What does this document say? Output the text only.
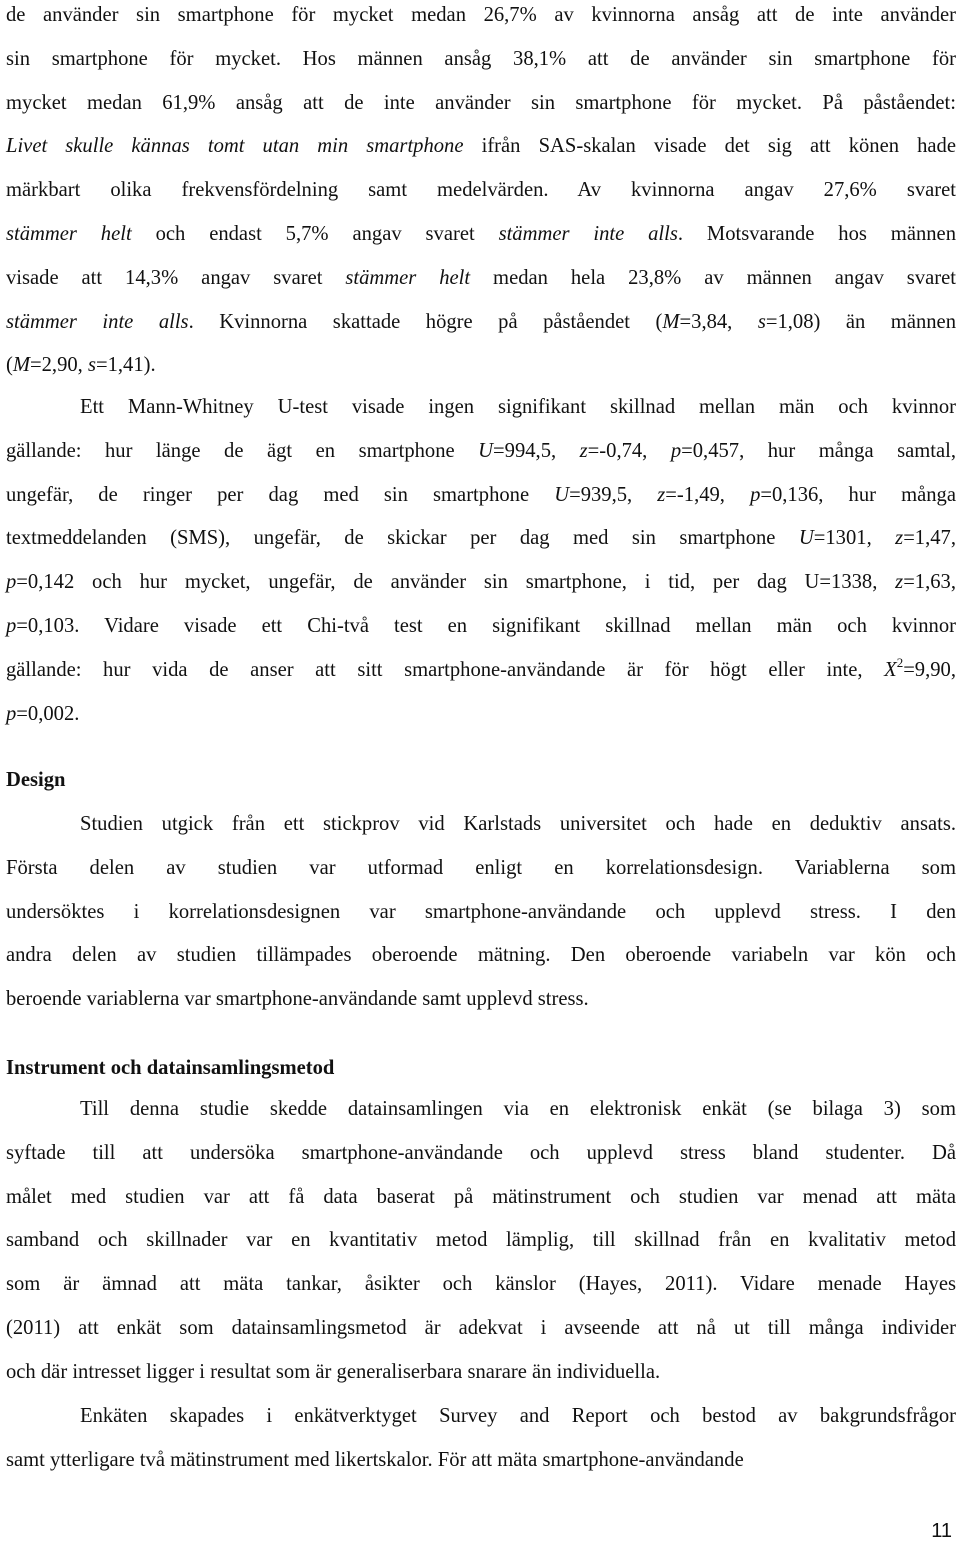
de använder sin smartphone för mycket medan 26,7% av kvinnorna ansåg att de inte använder
sin smartphone för mycket. Hos männen ansåg 38,1% att de använder sin smartphone för
mycket medan 61,9% ansåg att de inte använder sin smartphone för mycket. På påståendet:
Livet skulle kännas tomt utan min smartphone ifrån SAS-skalan visade det sig att könen hade
märkbart olika frekvensfördelning samt medelvärden. Av kvinnorna angav 27,6% svaret
stämmer helt och endast 5,7% angav svaret stämmer inte alls. Motsvarande hos männen
visade att 14,3% angav svaret stämmer helt medan hela 23,8% av männen angav svaret
stämmer inte alls. Kvinnorna skattade högre på påståendet (M=3,84, s=1,08) än männen
(M=2,90, s=1,41).
Ett Mann-Whitney U-test visade ingen signifikant skillnad mellan män och kvinnor
gällande: hur länge de ägt en smartphone U=994,5, z=-0,74, p=0,457, hur många samtal,
ungefär, de ringer per dag med sin smartphone U=939,5, z=-1,49, p=0,136, hur många
textmeddelanden (SMS), ungefär, de skickar per dag med sin smartphone U=1301, z=1,47,
p=0,142 och hur mycket, ungefär, de använder sin smartphone, i tid, per dag U=1338, z=1,63,
p=0,103. Vidare visade ett Chi-två test en signifikant skillnad mellan män och kvinnor
gällande: hur vida de anser att sitt smartphone-användande är för högt eller inte, $X^2=9,90$,
p=0,002.
Design
Studien utgick från ett stickprov vid Karlstads universitet och hade en deduktiv ansats.
Första delen av studien var utformad enligt en korrelationsdesign. Variablerna som
undersöktes i korrelationsdesignen var smartphone-användande och upplevd stress. I den
andra delen av studien tillämpades oberoende mätning. Den oberoende variabeln var kön och
beroende variablerna var smartphone-användande samt upplevd stress.
Instrument och datainsamlingsmetod
Till denna studie skedde datainsamlingen via en elektronisk enkät (se bilaga 3) som
syftade till att undersöka smartphone-användande och upplevd stress bland studenter. Då
målet med studien var att få data baserat på mätinstrument och studien var menad att mäta
samband och skillnader var en kvantitativ metod lämplig, till skillnad från en kvalitativ metod
som är ämnad att mäta tankar, åsikter och känslor (Hayes, 2011). Vidare menade Hayes
(2011) att enkät som datainsamlingsmetod är adekvat i avseende att nå ut till många individer
och där intresset ligger i resultat som är generaliserbara snarare än individuella.
Enkäten skapades i enkätverktyget Survey and Report och bestod av bakgrundsfrågor
samt ytterligare två mätinstrument med likertskalor. För att mäta smartphone-användande
11
